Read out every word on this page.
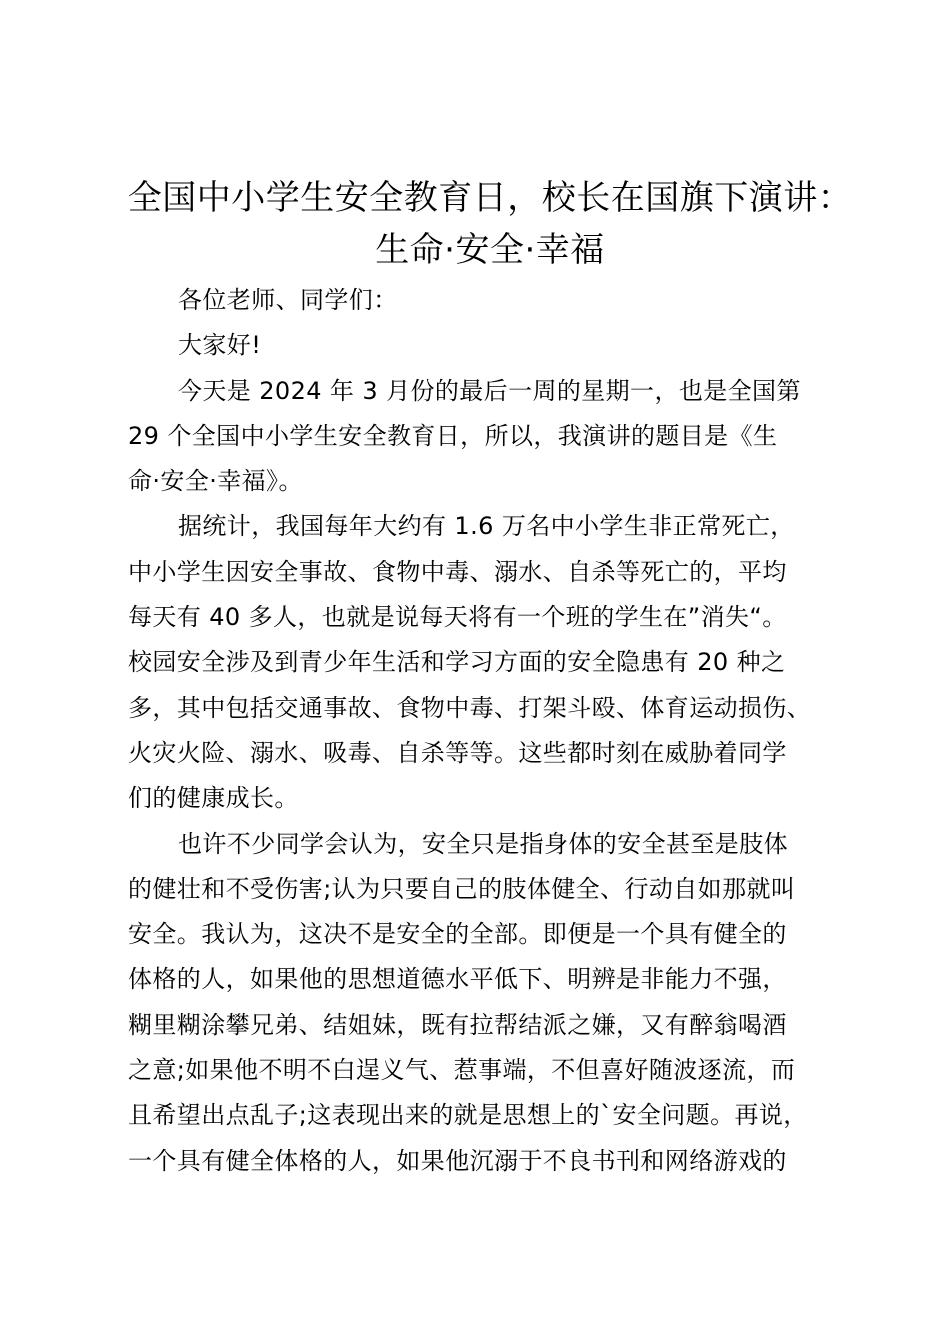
全国中小学生安全教育日，校长在国旗下演讲：
生命·安全·幸福
各位老师、同学们：
大家好!
今天是 2024 年 3 月份的最后一周的星期一，也是全国第
29 个全国中小学生安全教育日，所以，我演讲的题目是《生
命·安全·幸福》。
据统计，我国每年大约有 1.6 万名中小学生非正常死亡，
中小学生因安全事故、食物中毒、溺水、自杀等死亡的，平均
每天有 40 多人，也就是说每天将有一个班的学生在”消失“。
校园安全涉及到青少年生活和学习方面的安全隐患有 20 种之
多，其中包括交通事故、食物中毒、打架斗殴、体育运动损伤、
火灾火险、溺水、吸毒、自杀等等。这些都时刻在威胁着同学
们的健康成长。
也许不少同学会认为，安全只是指身体的安全甚至是肢体
的健壮和不受伤害;认为只要自己的肢体健全、行动自如那就叫
安全。我认为，这决不是安全的全部。即便是一个具有健全的
体格的人，如果他的思想道德水平低下、明辨是非能力不强，
糊里糊涂攀兄弟、结姐妹，既有拉帮结派之嫌，又有醉翁喝酒
之意;如果他不明不白逞义气、惹事端，不但喜好随波逐流，而
且希望出点乱子;这表现出来的就是思想上的`安全问题。再说，
一个具有健全体格的人，如果他沉溺于不良书刊和网络游戏的
